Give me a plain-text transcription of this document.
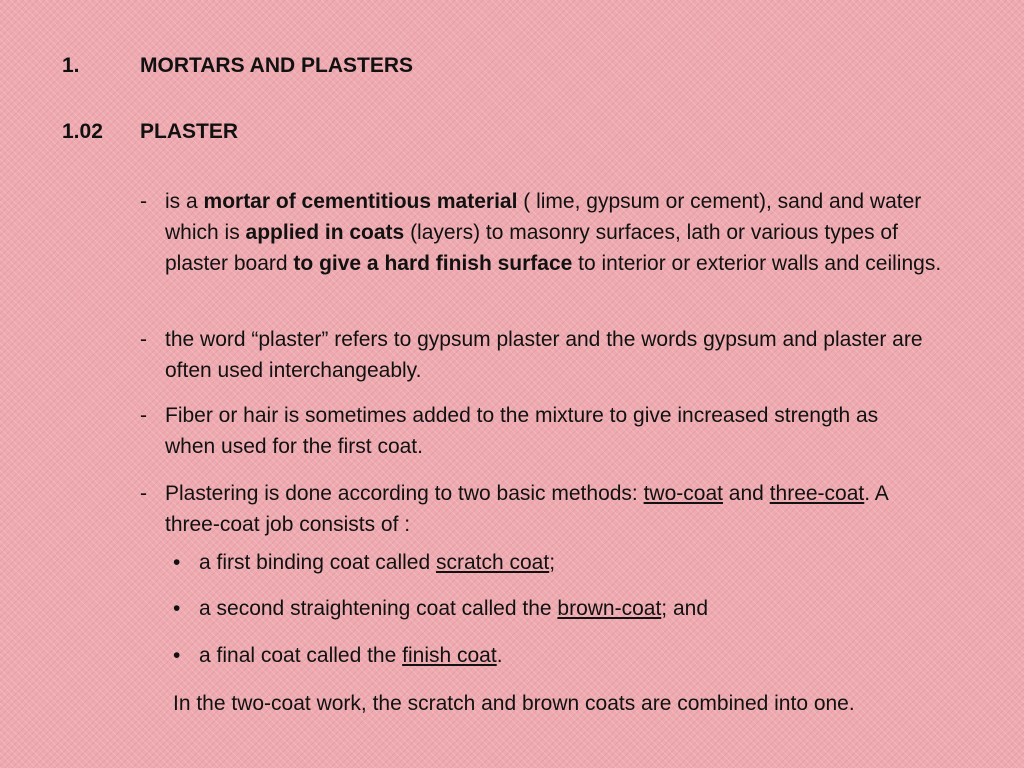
1.	MORTARS AND PLASTERS
1.02 PLASTER
- is a mortar of cementitious material ( lime, gypsum or cement), sand and water which is applied in coats (layers) to masonry surfaces, lath or various types of plaster board to give a hard finish surface to interior or exterior walls and ceilings.

- the word “plaster” refers to gypsum plaster and the words gypsum and plaster are often used interchangeably.

- Fiber or hair is sometimes added to the mixture to give increased strength as when used for the first coat.

- Plastering is done according to two basic methods: two-coat and three-coat. A three-coat job consists of :

• a first binding coat called scratch coat;

• a second straightening coat called the brown-coat; and

• a final coat called the finish coat.

In the two-coat work, the scratch and brown coats are combined into one.
